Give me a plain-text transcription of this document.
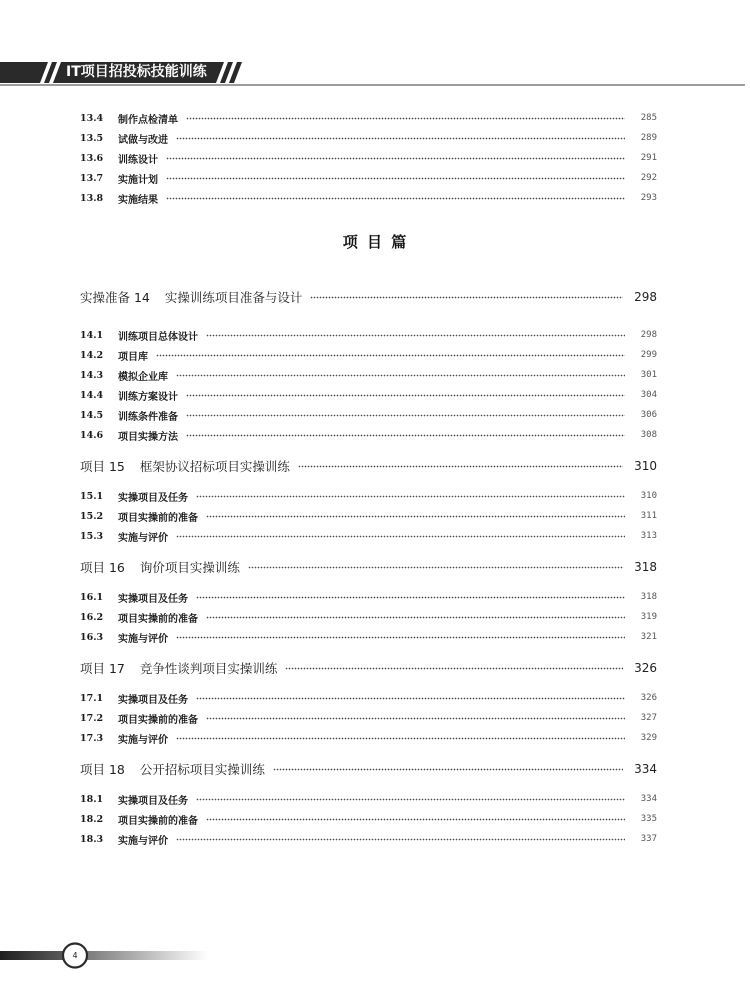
IT项目招投标技能训练
13.4	制作点检清单	285
13.5	试做与改进	289
13.6	训练设计	291
13.7	实施计划	292
13.8	实施结果	293
项 目 篇
实操准备 14 实操训练项目准备与设计	298
14.1	训练项目总体设计	298
14.2	项目库	299
14.3	模拟企业库	301
14.4	训练方案设计	304
14.5	训练条件准备	306
14.6	项目实操方法	308
项目 15 框架协议招标项目实操训练	310
15.1	实操项目及任务	310
15.2	项目实操前的准备	311
15.3	实施与评价	313
项目 16 询价项目实操训练	318
16.1	实操项目及任务	318
16.2	项目实操前的准备	319
16.3	实施与评价	321
项目 17 竞争性谈判项目实操训练	326
17.1	实操项目及任务	326
17.2	项目实操前的准备	327
17.3	实施与评价	329
项目 18 公开招标项目实操训练	334
18.1	实操项目及任务	334
18.2	项目实操前的准备	335
18.3	实施与评价	337
4
